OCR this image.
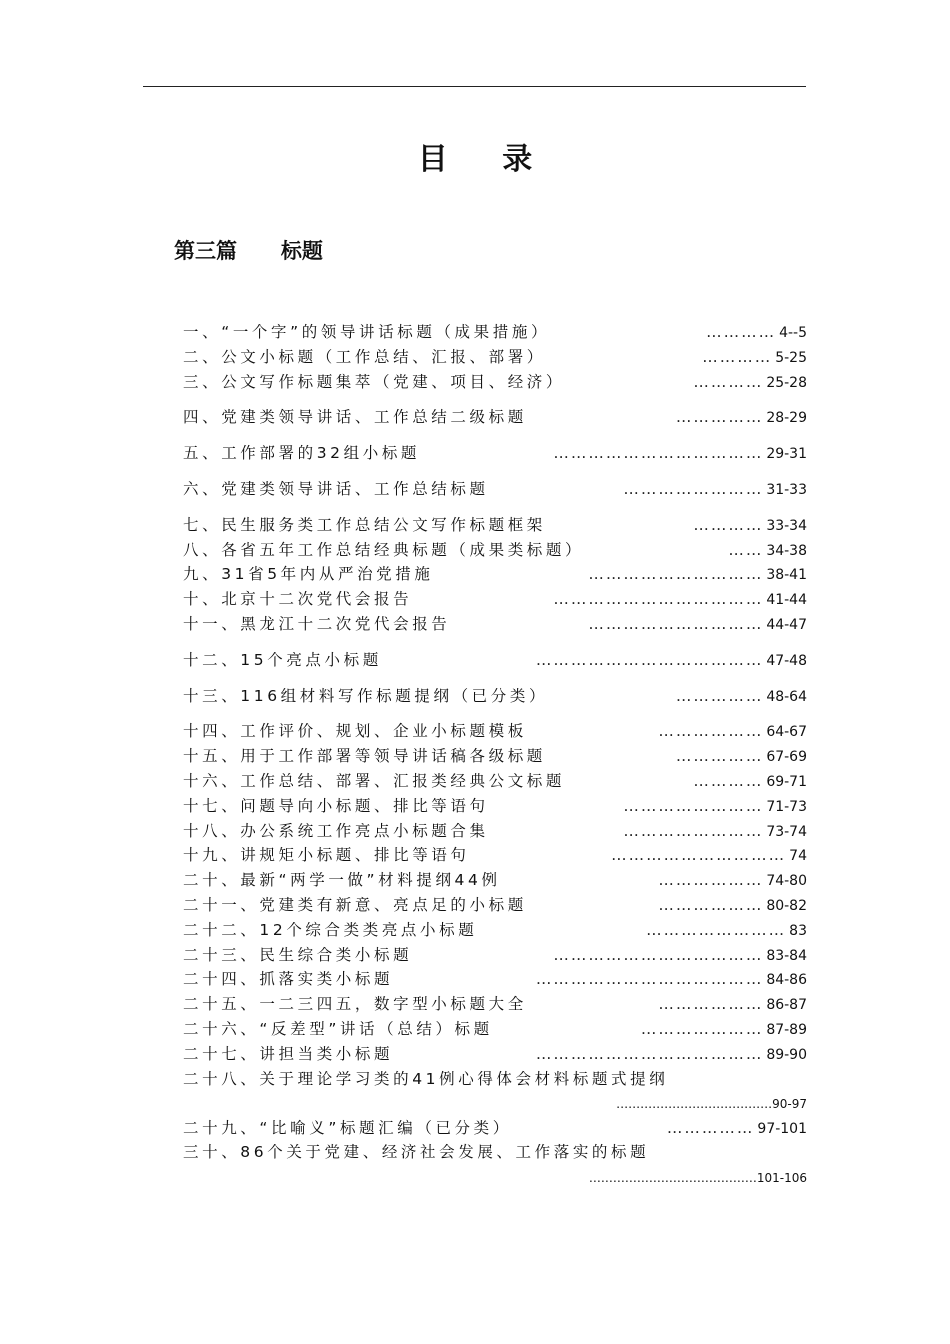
目 录
第三篇      标题
一、“一个字”的领导讲话标题（成果措施）	………… 4--5
二、公文小标题（工作总结、汇报、部署）	………… 5-25
三、公文写作标题集萃（党建、项目、经济）	………… 25-28
四、党建类领导讲话、工作总结二级标题	…………… 28-29
五、工作部署的32组小标题	……………………………… 29-31
六、党建类领导讲话、工作总结标题	…………………… 31-33
七、民生服务类工作总结公文写作标题框架	………… 33-34
八、各省五年工作总结经典标题（成果类标题）	…… 34-38
九、31省5年内从严治党措施	………………………… 38-41
十、北京十二次党代会报告	……………………………… 41-44
十一、黑龙江十二次党代会报告	………………………… 44-47
十二、15个亮点小标题	………………………………… 47-48
十三、116组材料写作标题提纲（已分类）	…………… 48-64
十四、工作评价、规划、企业小标题模板	……………… 64-67
十五、用于工作部署等领导讲话稿各级标题	…………… 67-69
十六、工作总结、部署、汇报类经典公文标题	………… 69-71
十七、问题导向小标题、排比等语句	…………………… 71-73
十八、办公系统工作亮点小标题合集	…………………… 73-74
十九、讲规矩小标题、排比等语句	………………………… 74
二十、最新“两学一做”材料提纲44例	……………… 74-80
二十一、党建类有新意、亮点足的小标题	……………… 80-82
二十二、12个综合类类亮点小标题	…………………… 83
二十三、民生综合类小标题	……………………………… 83-84
二十四、抓落实类小标题	………………………………… 84-86
二十五、一二三四五，数字型小标题大全	……………… 86-87
二十六、“反差型”讲话（总结）标题	………………… 87-89
二十七、讲担当类小标题	………………………………… 89-90
二十八、关于理论学习类的41例心得体会材料标题式提纲
…………………………………90-97
二十九、“比喻义”标题汇编（已分类）	…………… 97-101
三十、86个关于党建、经济社会发展、工作落实的标题
……………………………………101-106
